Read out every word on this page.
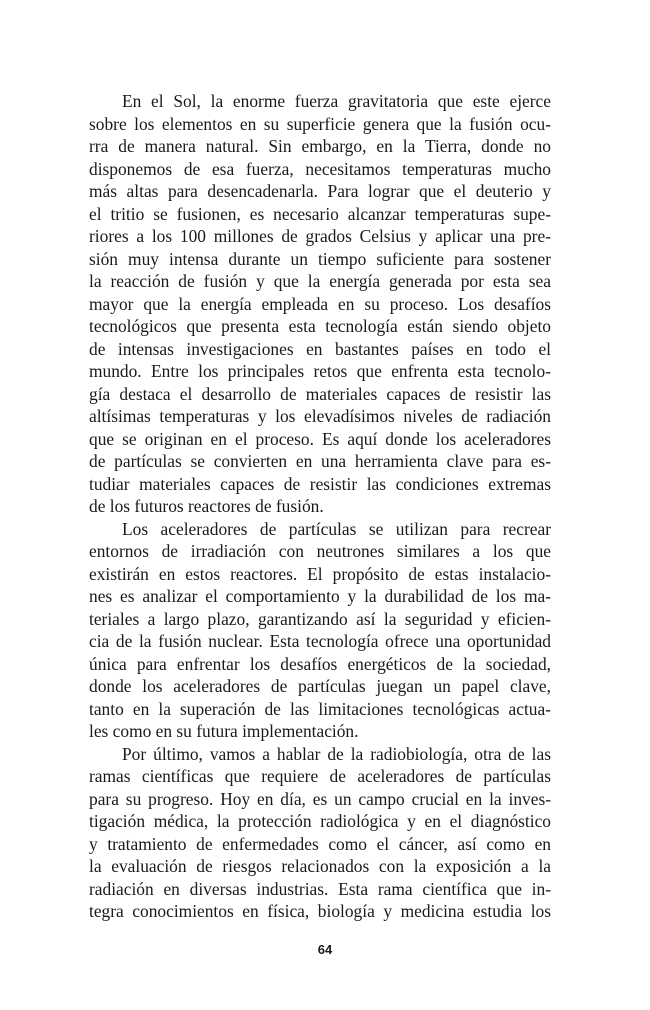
En el Sol, la enorme fuerza gravitatoria que este ejerce
sobre los elementos en su superficie genera que la fusión ocu-
rra de manera natural. Sin embargo, en la Tierra, donde no
disponemos de esa fuerza, necesitamos temperaturas mucho
más altas para desencadenarla. Para lograr que el deuterio y
el tritio se fusionen, es necesario alcanzar temperaturas supe-
riores a los 100 millones de grados Celsius y aplicar una pre-
sión muy intensa durante un tiempo suficiente para sostener
la reacción de fusión y que la energía generada por esta sea
mayor que la energía empleada en su proceso. Los desafíos
tecnológicos que presenta esta tecnología están siendo objeto
de intensas investigaciones en bastantes países en todo el
mundo. Entre los principales retos que enfrenta esta tecnolo-
gía destaca el desarrollo de materiales capaces de resistir las
altísimas temperaturas y los elevadísimos niveles de radiación
que se originan en el proceso. Es aquí donde los aceleradores
de partículas se convierten en una herramienta clave para es-
tudiar materiales capaces de resistir las condiciones extremas
de los futuros reactores de fusión.
Los aceleradores de partículas se utilizan para recrear
entornos de irradiación con neutrones similares a los que
existirán en estos reactores. El propósito de estas instalacio-
nes es analizar el comportamiento y la durabilidad de los ma-
teriales a largo plazo, garantizando así la seguridad y eficien-
cia de la fusión nuclear. Esta tecnología ofrece una oportunidad
única para enfrentar los desafíos energéticos de la sociedad,
donde los aceleradores de partículas juegan un papel clave,
tanto en la superación de las limitaciones tecnológicas actua-
les como en su futura implementación.
Por último, vamos a hablar de la radiobiología, otra de las
ramas científicas que requiere de aceleradores de partículas
para su progreso. Hoy en día, es un campo crucial en la inves-
tigación médica, la protección radiológica y en el diagnóstico
y tratamiento de enfermedades como el cáncer, así como en
la evaluación de riesgos relacionados con la exposición a la
radiación en diversas industrias. Esta rama científica que in-
tegra conocimientos en física, biología y medicina estudia los
64
